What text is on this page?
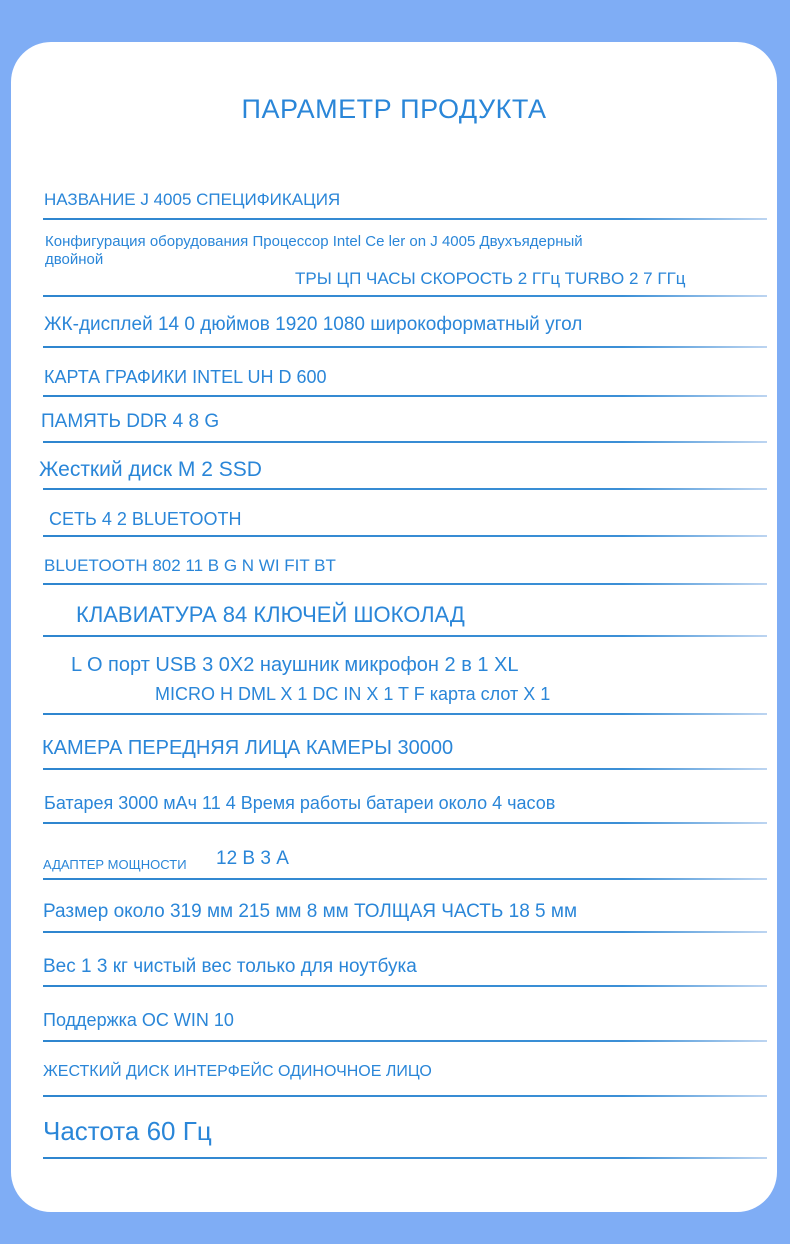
ПАРАМЕТР ПРОДУКТА
НАЗВАНИЕ J 4005 СПЕЦИФИКАЦИЯ
Конфигурация оборудования Процессор Intel Ce ler on J 4005 Двухъядерный
двойной
ТРЫ ЦП ЧАСЫ СКОРОСТЬ 2 ГГц TURBO 2 7 ГГц
ЖК-дисплей 14 0 дюймов 1920 1080 широкоформатный угол
КАРТА ГРАФИКИ INTEL UH D 600
ПАМЯТЬ DDR 4 8 G
Жесткий диск M 2 SSD
СЕТЬ 4 2 BLUETOOTH
BLUETOOTH 802 11 B G N WI FIT BT
КЛАВИАТУРА 84 КЛЮЧЕЙ ШОКОЛАД
L O порт USB 3 0X2 наушник микрофон 2 в 1 XL
MICRO H DML X 1 DC IN X 1 T F карта слот X 1
КАМЕРА ПЕРЕДНЯЯ ЛИЦА КАМЕРЫ 30000
Батарея 3000 мАч 11 4 Время работы батареи около 4 часов
АДАПТЕР МОЩНОСТИ 12 В 3 А
Размер около 319 мм 215 мм 8 мм ТОЛЩАЯ ЧАСТЬ 18 5 мм
Вес 1 3 кг чистый вес только для ноутбука
Поддержка ОС WIN 10
ЖЕСТКИЙ ДИСК ИНТЕРФЕЙС ОДИНОЧНОЕ ЛИЦО
Частота 60 Гц
